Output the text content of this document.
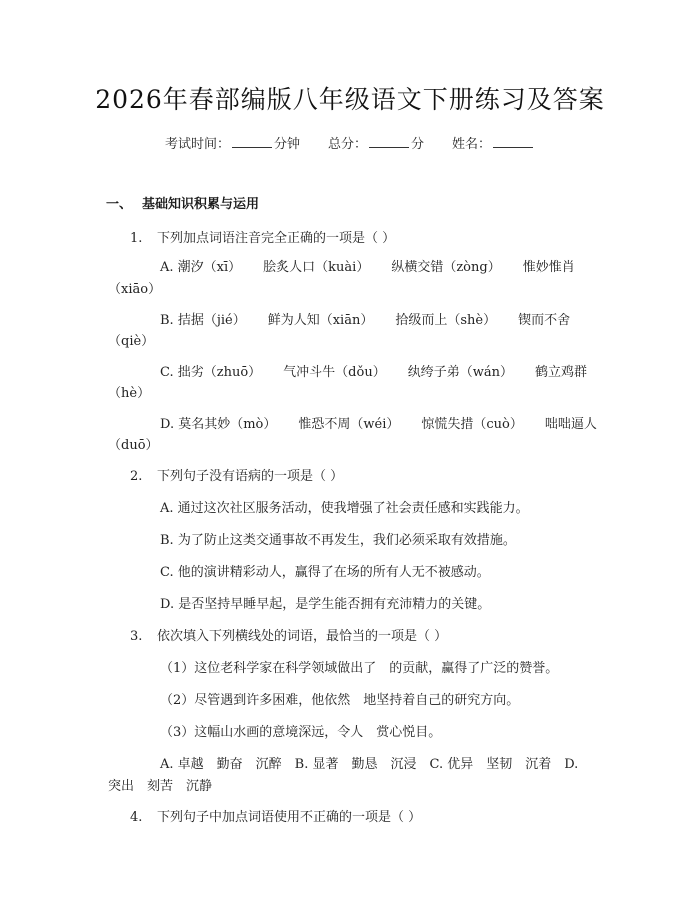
2026年春部编版八年级语文下册练习及答案
考试时间：	分钟 总分：	分 姓名：
一、 基础知识积累与运用
1. 下列加点词语注音完全正确的一项是（ ）
A. 潮汐（xī） 脍炙人口（kuài） 纵横交错（zòng） 惟妙惟肖
（xiāo）
B. 拮据（jié） 鲜为人知（xiān） 拾级而上（shè） 锲而不舍
（qiè）
C. 拙劣（zhuō） 气冲斗牛（dǒu） 纨绔子弟（wán） 鹤立鸡群
（hè）
D. 莫名其妙（mò） 惟恐不周（wéi） 惊慌失措（cuò） 咄咄逼人
（duō）
2. 下列句子没有语病的一项是（ ）
A. 通过这次社区服务活动，使我增强了社会责任感和实践能力。
B. 为了防止这类交通事故不再发生，我们必须采取有效措施。
C. 他的演讲精彩动人，赢得了在场的所有人无不被感动。
D. 是否坚持早睡早起，是学生能否拥有充沛精力的关键。
3. 依次填入下列横线处的词语，最恰当的一项是（ ）
（1）这位老科学家在科学领域做出了　的贡献，赢得了广泛的赞誉。
（2）尽管遇到许多困难，他依然　地坚持着自己的研究方向。
（3）这幅山水画的意境深远，令人　赏心悦目。
A. 卓越　勤奋　沉醉　B. 显著　勤恳　沉浸　C. 优异　坚韧　沉着　D.
突出　刻苦　沉静
4. 下列句子中加点词语使用不正确的一项是（ ）
